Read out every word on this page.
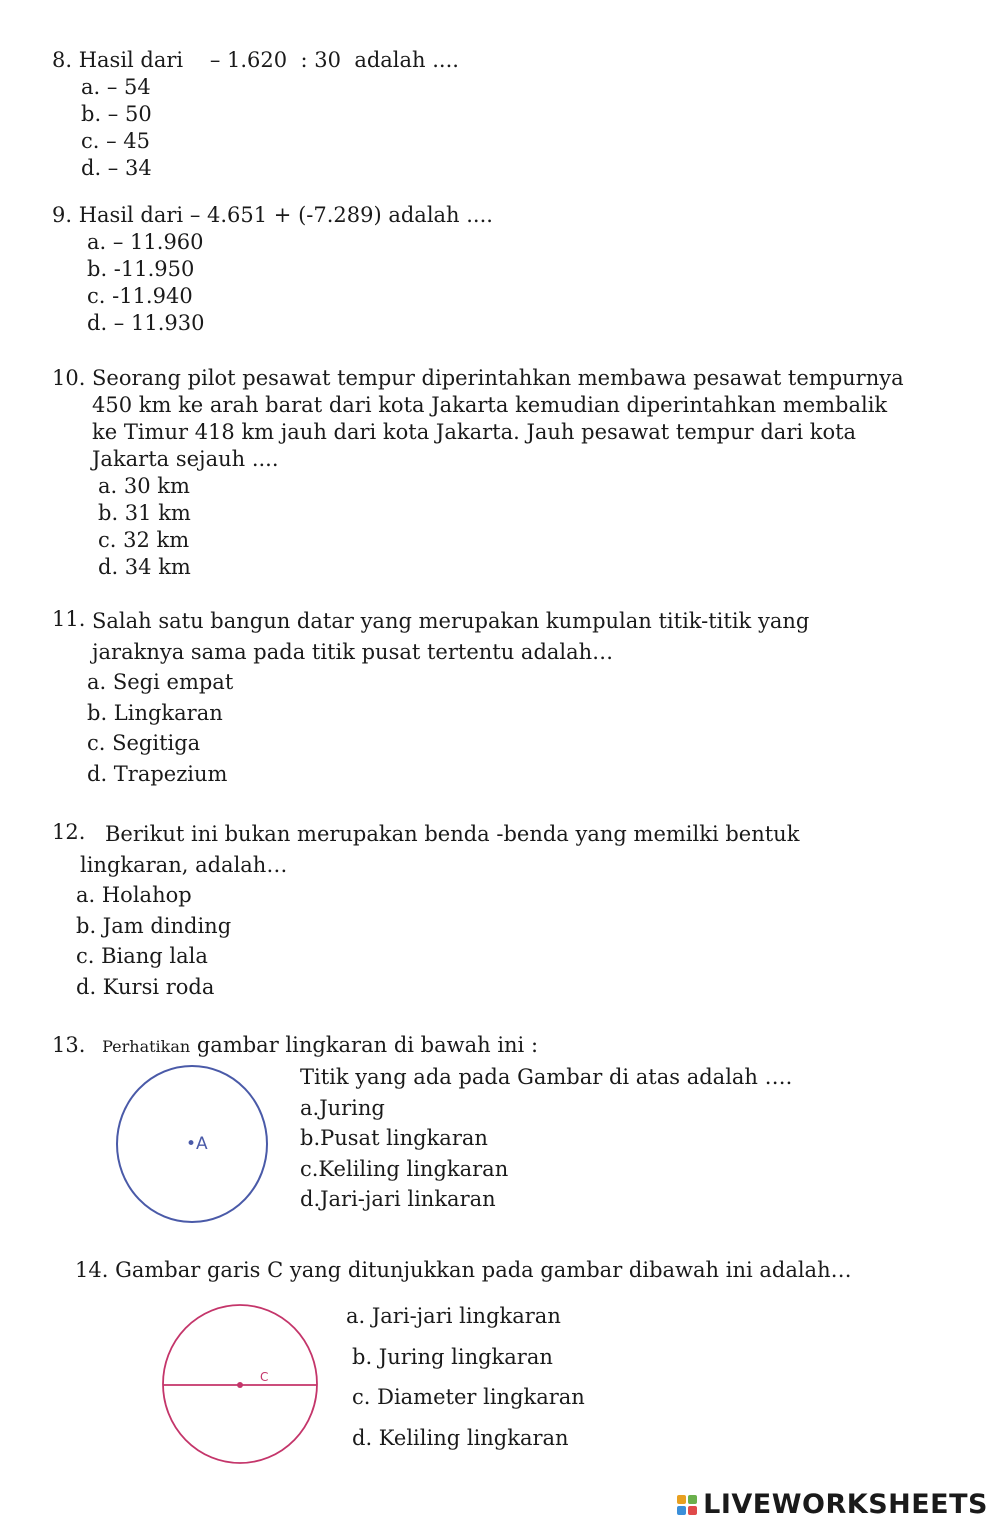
8. Hasil dari    – 1.620  : 30  adalah ....
a. – 54
b. – 50
c. – 45
d. – 34
9. Hasil dari – 4.651 + (-7.289) adalah ....
a. – 11.960
b. -11.950
c. -11.940
d. – 11.930
10. Seorang pilot pesawat tempur diperintahkan membawa pesawat tempurnya
450 km ke arah barat dari kota Jakarta kemudian diperintahkan membalik
ke Timur 418 km jauh dari kota Jakarta. Jauh pesawat tempur dari kota
Jakarta sejauh ....
a. 30 km
b. 31 km
c. 32 km
d. 34 km
11. Salah satu bangun datar yang merupakan kumpulan titik-titik yang
jaraknya sama pada titik pusat tertentu adalah…
a. Segi empat
b. Lingkaran
c. Segitiga
d. Trapezium
12. Berikut ini bukan merupakan benda -benda yang memilki bentuk
lingkaran, adalah…
a. Holahop
b. Jam dinding
c. Biang lala
d. Kursi roda
13. Perhatikan gambar lingkaran di bawah ini :
•A
Titik yang ada pada Gambar di atas adalah ….
a.Juring
b.Pusat lingkaran
c.Keliling lingkaran
d.Jari-jari linkaran
14. Gambar garis C yang ditunjukkan pada gambar dibawah ini adalah…
C
a. Jari-jari lingkaran
b. Juring lingkaran
c. Diameter lingkaran
d. Keliling lingkaran
LIVEWORKSHEETS
